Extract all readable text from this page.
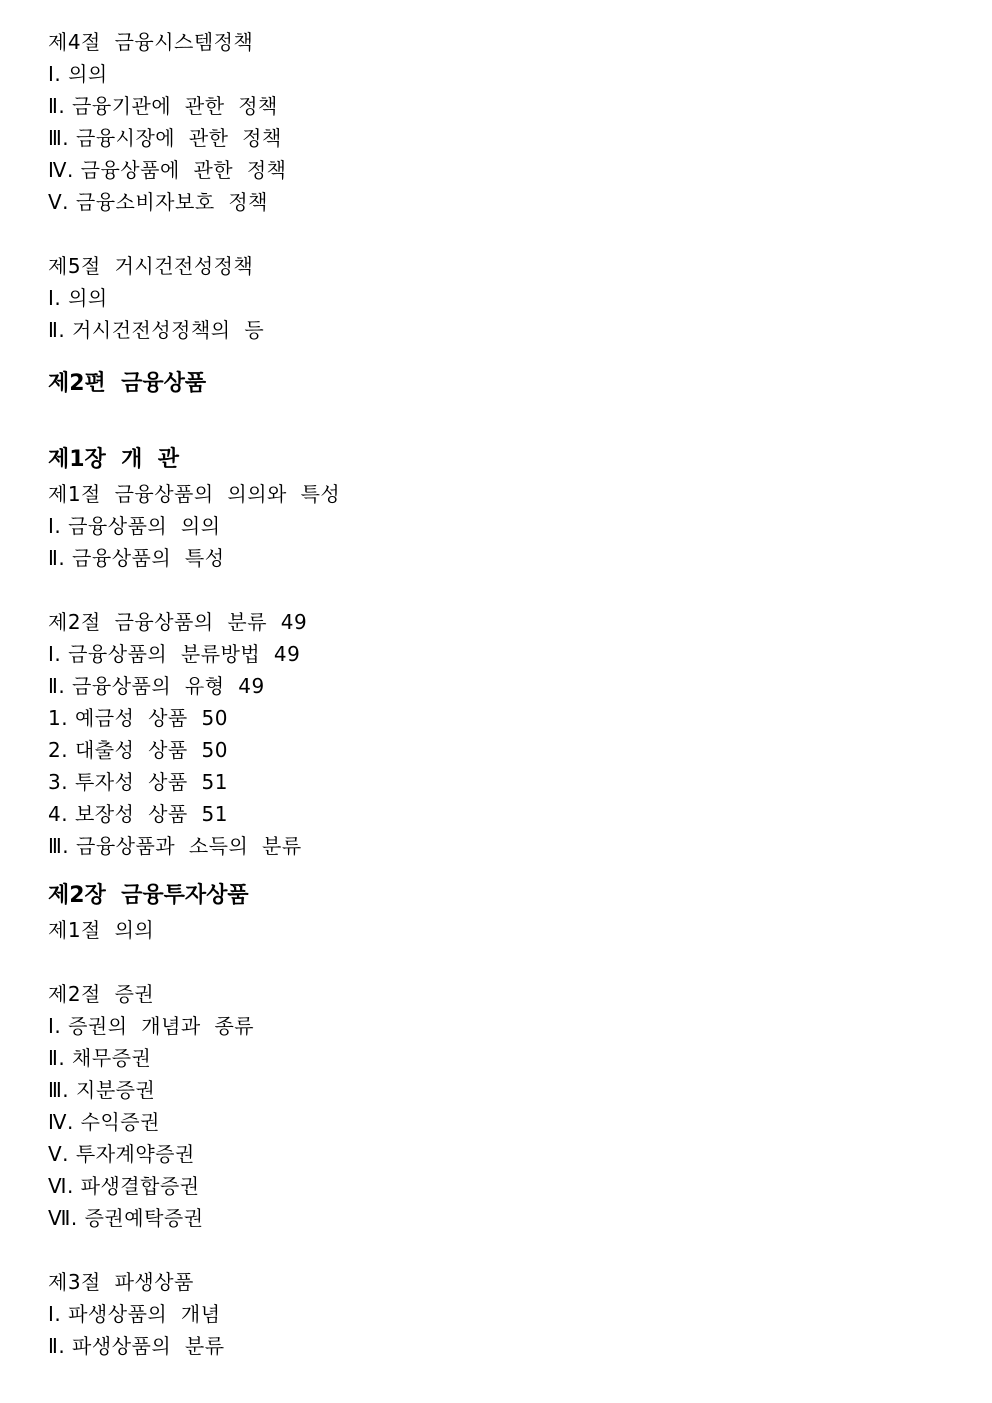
제4절  금융시스템정책
Ⅰ. 의의
Ⅱ. 금융기관에  관한  정책
Ⅲ. 금융시장에  관한  정책
Ⅳ. 금융상품에  관한  정책
Ⅴ. 금융소비자보호  정책
제5절  거시건전성정책
Ⅰ. 의의
Ⅱ. 거시건전성정책의  등
제2편  금융상품
제1장  개  관
제1절  금융상품의  의의와  특성
Ⅰ. 금융상품의  의의
Ⅱ. 금융상품의  특성
제2절  금융상품의  분류  49
Ⅰ. 금융상품의  분류방법  49
Ⅱ. 금융상품의  유형  49
1. 예금성  상품  50
2. 대출성  상품  50
3. 투자성  상품  51
4. 보장성  상품  51
Ⅲ. 금융상품과  소득의  분류
제2장  금융투자상품
제1절  의의
제2절  증권
Ⅰ. 증권의  개념과  종류
Ⅱ. 채무증권
Ⅲ. 지분증권
Ⅳ. 수익증권
Ⅴ. 투자계약증권
Ⅵ. 파생결합증권
Ⅶ. 증권예탁증권
제3절  파생상품
Ⅰ. 파생상품의  개념
Ⅱ. 파생상품의  분류
